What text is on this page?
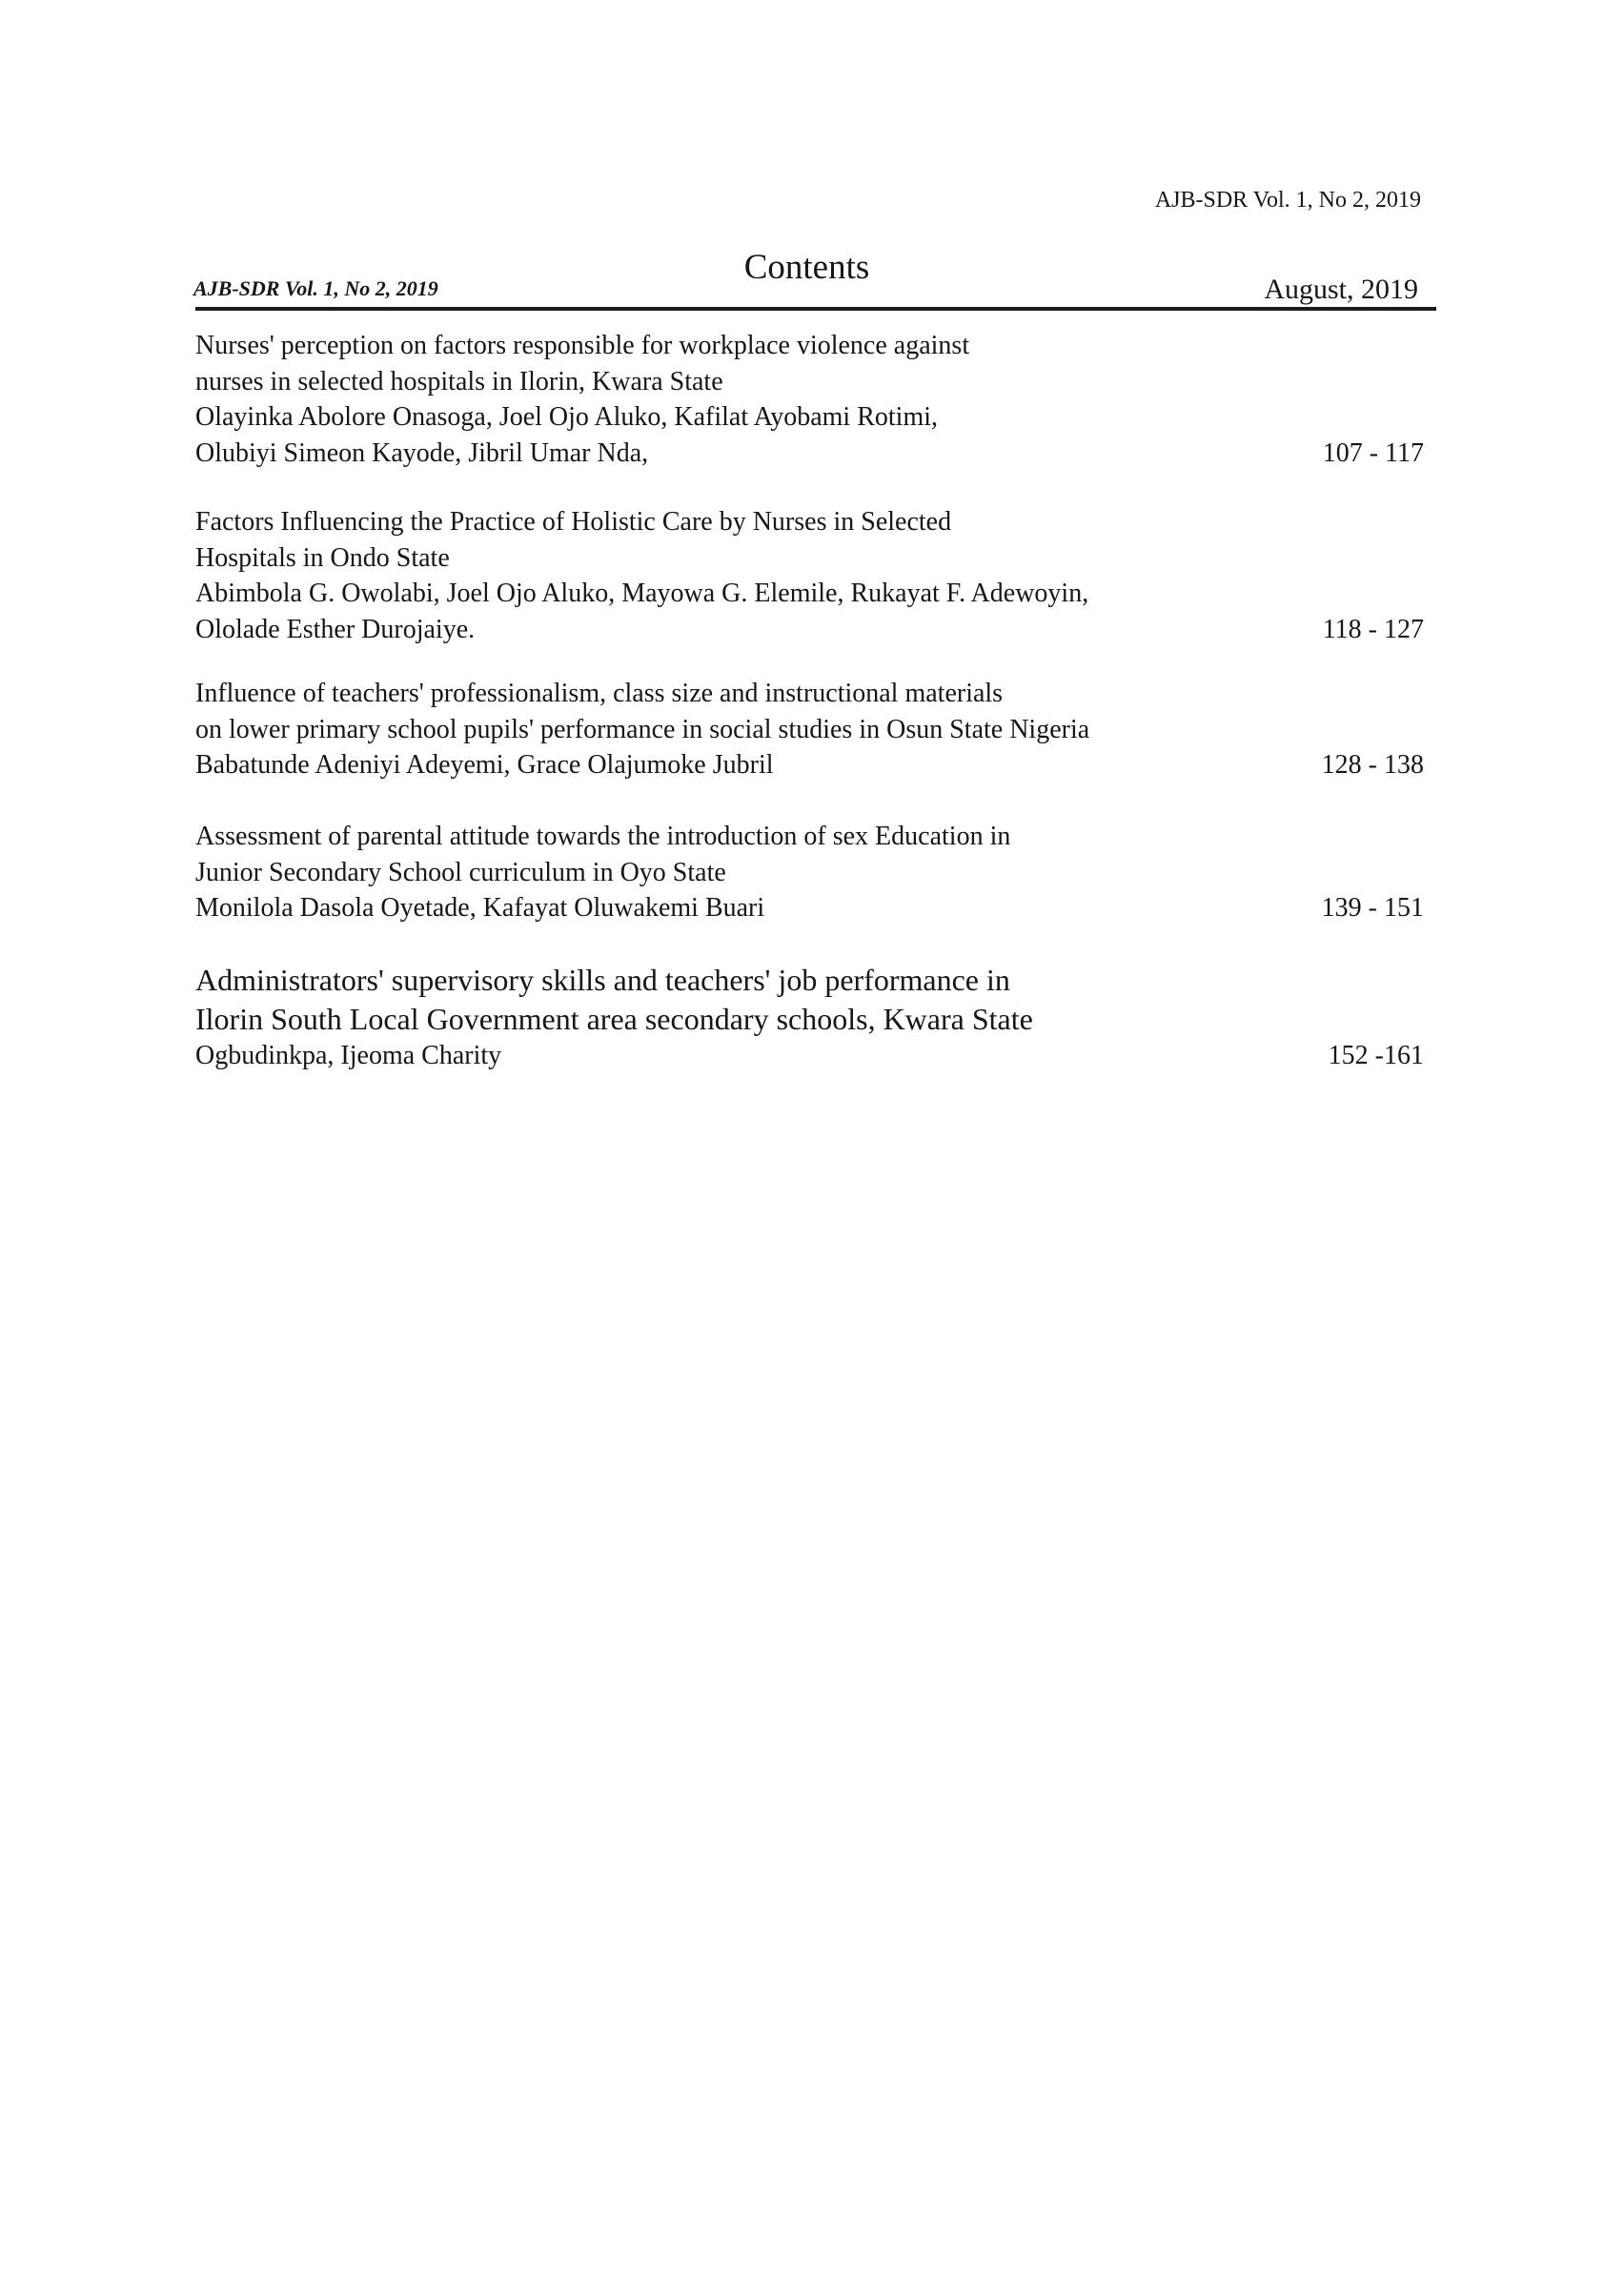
AJB-SDR Vol. 1, No 2, 2019
Contents
AJB-SDR Vol. 1, No 2, 2019	August, 2019
Nurses' perception on factors responsible for workplace violence against
nurses in selected hospitals in Ilorin, Kwara State
Olayinka Abolore Onasoga, Joel Ojo Aluko, Kafilat Ayobami Rotimi,
Olubiyi Simeon Kayode, Jibril Umar Nda,	107 - 117
Factors Influencing the Practice of Holistic Care by Nurses in Selected
Hospitals in Ondo State
Abimbola G. Owolabi, Joel Ojo Aluko, Mayowa G. Elemile, Rukayat F. Adewoyin,
Ololade Esther Durojaiye.	118 - 127
Influence of teachers' professionalism, class size and instructional materials
on lower primary school pupils' performance in social studies in Osun State Nigeria
Babatunde Adeniyi Adeyemi, Grace Olajumoke Jubril	128 - 138
Assessment of parental attitude towards the introduction of sex Education in
Junior Secondary School curriculum in Oyo State
Monilola Dasola Oyetade, Kafayat Oluwakemi Buari	139 - 151
Administrators' supervisory skills and teachers' job performance in
Ilorin South Local Government area secondary schools, Kwara State
Ogbudinkpa, Ijeoma Charity	152 -161
